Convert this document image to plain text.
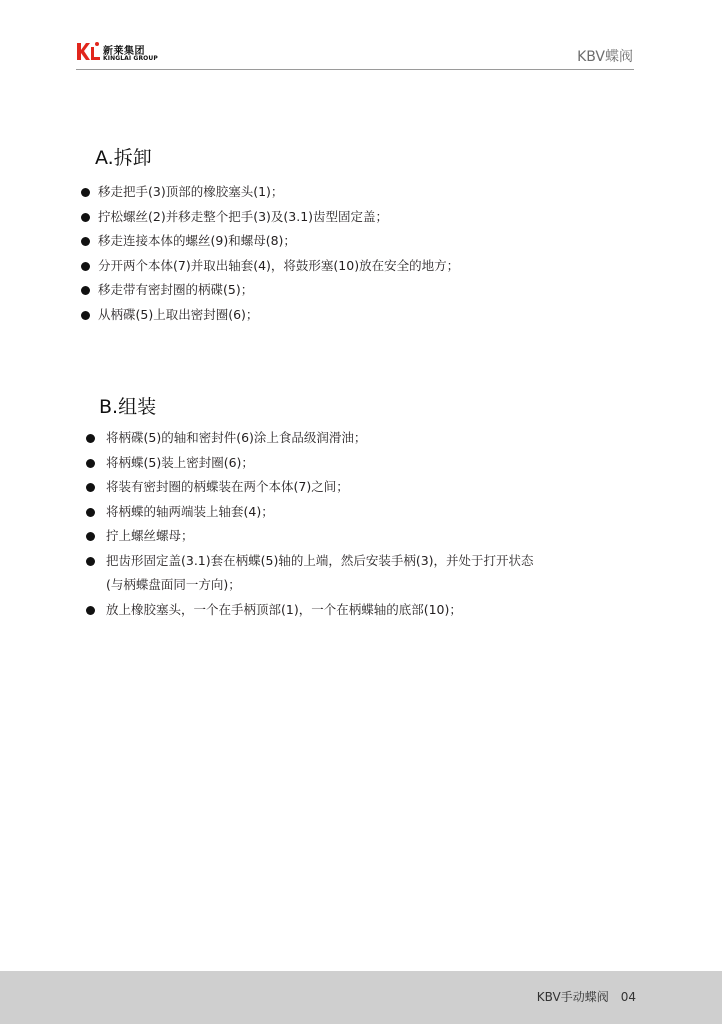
新莱集团
KINGLAI GROUP	KBV蝶阀
A.拆卸
移走把手(3)顶部的橡胶塞头(1)；
拧松螺丝(2)并移走整个把手(3)及(3.1)齿型固定盖；
移走连接本体的螺丝(9)和螺母(8)；
分开两个本体(7)并取出轴套(4)，将鼓形塞(10)放在安全的地方；
移走带有密封圈的柄碟(5)；
从柄碟(5)上取出密封圈(6)；
B.组装
将柄碟(5)的轴和密封件(6)涂上食品级润滑油；
将柄蝶(5)装上密封圈(6)；
将装有密封圈的柄蝶装在两个本体(7)之间；
将柄蝶的轴两端装上轴套(4)；
拧上螺丝螺母；
把齿形固定盖(3.1)套在柄蝶(5)轴的上端，然后安装手柄(3)，并处于打开状态
(与柄蝶盘面同一方向)；
放上橡胶塞头，一个在手柄顶部(1)，一个在柄蝶轴的底部(10)；
KBV手动蝶阀 04
